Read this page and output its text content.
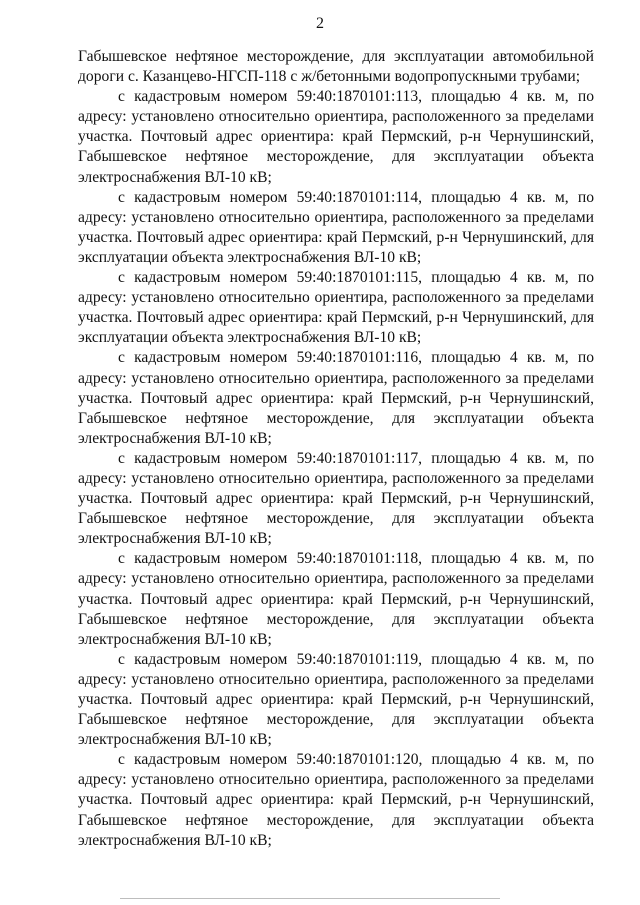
2

Габышевское нефтяное месторождение, для эксплуатации автомобильной дороги с. Казанцево-НГСП-118 с ж/бетонными водопропускными трубами;

с кадастровым номером 59:40:1870101:113, площадью 4 кв. м, по адресу: установлено относительно ориентира, расположенного за пределами участка. Почтовый адрес ориентира: край Пермский, р-н Чернушинский, Габышевское нефтяное месторождение, для эксплуатации объекта электроснабжения ВЛ-10 кВ;

с кадастровым номером 59:40:1870101:114, площадью 4 кв. м, по адресу: установлено относительно ориентира, расположенного за пределами участка. Почтовый адрес ориентира: край Пермский, р-н Чернушинский, для эксплуатации объекта электроснабжения ВЛ-10 кВ;

с кадастровым номером 59:40:1870101:115, площадью 4 кв. м, по адресу: установлено относительно ориентира, расположенного за пределами участка. Почтовый адрес ориентира: край Пермский, р-н Чернушинский, для эксплуатации объекта электроснабжения ВЛ-10 кВ;

с кадастровым номером 59:40:1870101:116, площадью 4 кв. м, по адресу: установлено относительно ориентира, расположенного за пределами участка. Почтовый адрес ориентира: край Пермский, р-н Чернушинский, Габышевское нефтяное месторождение, для эксплуатации объекта электроснабжения ВЛ-10 кВ;

с кадастровым номером 59:40:1870101:117, площадью 4 кв. м, по адресу: установлено относительно ориентира, расположенного за пределами участка. Почтовый адрес ориентира: край Пермский, р-н Чернушинский, Габышевское нефтяное месторождение, для эксплуатации объекта электроснабжения ВЛ-10 кВ;

с кадастровым номером 59:40:1870101:118, площадью 4 кв. м, по адресу: установлено относительно ориентира, расположенного за пределами участка. Почтовый адрес ориентира: край Пермский, р-н Чернушинский, Габышевское нефтяное месторождение, для эксплуатации объекта электроснабжения ВЛ-10 кВ;

с кадастровым номером 59:40:1870101:119, площадью 4 кв. м, по адресу: установлено относительно ориентира, расположенного за пределами участка. Почтовый адрес ориентира: край Пермский, р-н Чернушинский, Габышевское нефтяное месторождение, для эксплуатации объекта электроснабжения ВЛ-10 кВ;

с кадастровым номером 59:40:1870101:120, площадью 4 кв. м, по адресу: установлено относительно ориентира, расположенного за пределами участка. Почтовый адрес ориентира: край Пермский, р-н Чернушинский, Габышевское нефтяное месторождение, для эксплуатации объекта электроснабжения ВЛ-10 кВ;
